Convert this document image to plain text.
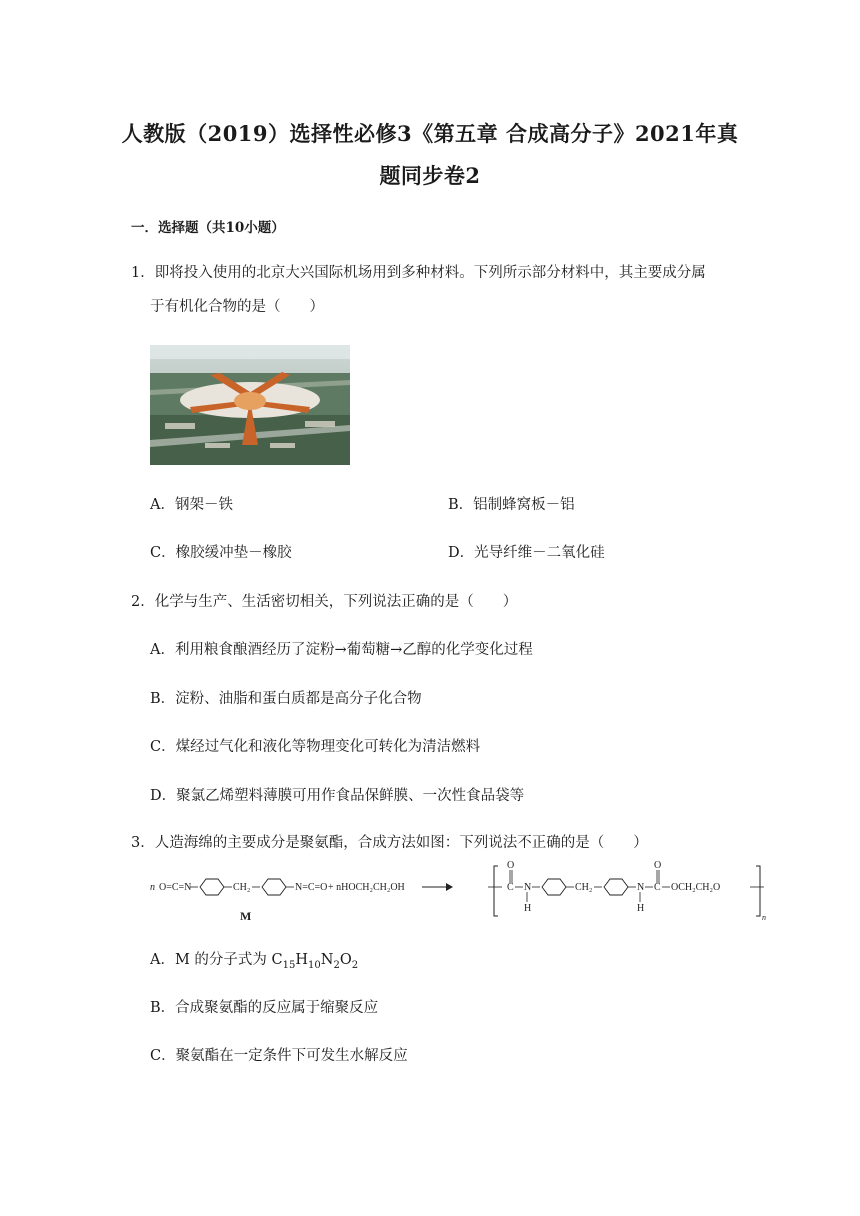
人教版（2019）选择性必修3《第五章 合成高分子》2021年真
题同步卷2
一．选择题（共10小题）
1．即将投入使用的北京大兴国际机场用到多种材料。下列所示部分材料中，其主要成分属
于有机化合物的是（　　）
A．钢架－铁	B．铝制蜂窝板－铝
C．橡胶缓冲垫－橡胶	D．光导纤维－二氧化硅
2．化学与生产、生活密切相关，下列说法正确的是（　　）
A．利用粮食酿酒经历了淀粉→葡萄糖→乙醇的化学变化过程
B．淀粉、油脂和蛋白质都是高分子化合物
C．煤经过气化和液化等物理变化可转化为清洁燃料
D．聚氯乙烯塑料薄膜可用作食品保鲜膜、一次性食品袋等
3．人造海绵的主要成分是聚氨酯，合成方法如图：下列说法不正确的是（　　）
n O=C=N	CH₂	N=C=O + nHOCH₂CH₂OH
M
O
C N
H
CH₂	N
H
C
O
OCH₂CH₂O
n
A．M 的分子式为 $C_{15}H_{10}N_2O_2$
B．合成聚氨酯的反应属于缩聚反应
C．聚氨酯在一定条件下可发生水解反应
